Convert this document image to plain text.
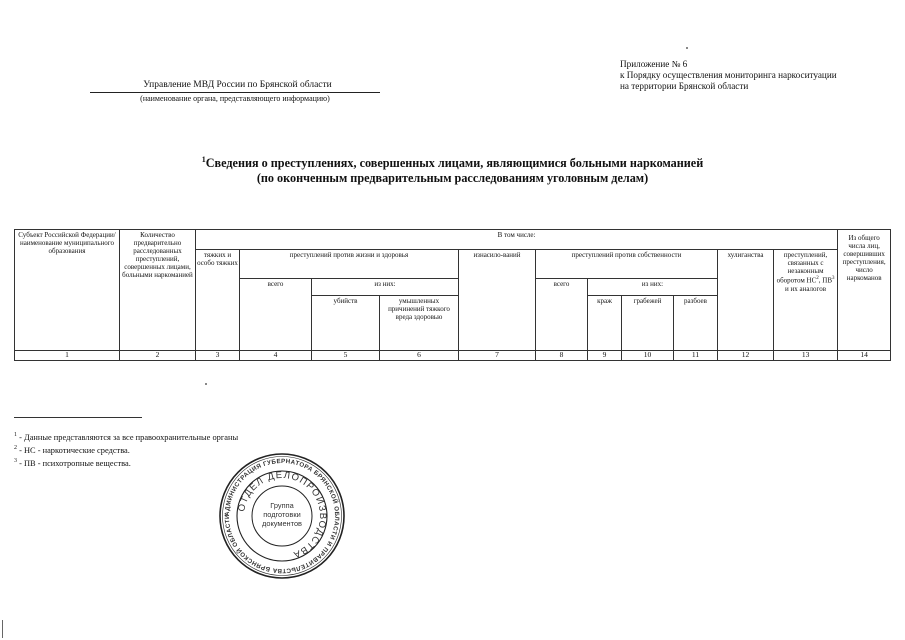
Управление МВД России по Брянской области
(наименование органа, представляющего информацию)
Приложение № 6
к Порядку осуществления мониторинга наркоситуации
на территории Брянской области
$^1$Сведения о преступлениях, совершенных лицами, являющимися больными наркоманией
(по оконченным предварительным расследованиям уголовным делам)
Субъект Российской Федерации/ наименование муниципального образования	Количество предварительно расследованных преступлений, совершенных лицами, больными наркоманией	В том числе:											Из общего числа лиц, совершивших преступления, число наркоманов
		тяжких и особо тяжких	преступлений против жизни и здоровья			изнасило-ваний	преступлений против собственности				хулиганства	преступлений, связанных с незаконным оборотом $НС^2$, $ПВ^3$ и их аналогов	
			всего	из них:			всего	из них:					
				убийств	умышленных причинений тяжкого вреда здоровью			краж	грабежей	разбоев			
1	2	3	4	5	6	7	8	9	10	11	12	13	14
$^1$ - Данные представляются за все правоохранительные органы
$^2$ - НС - наркотические средства.
$^3$ - ПВ - психотропные вещества.
АДМИНИСТРАЦИЯ ГУБЕРНАТОРА БРЯНСКОЙ ОБЛАСТИ И ПРАВИТЕЛЬСТВА БРЯНСКОЙ ОБЛАСТИ
ОТДЕЛ ДЕЛОПРОИЗВОДСТВА
Группа
подготовки
документов
